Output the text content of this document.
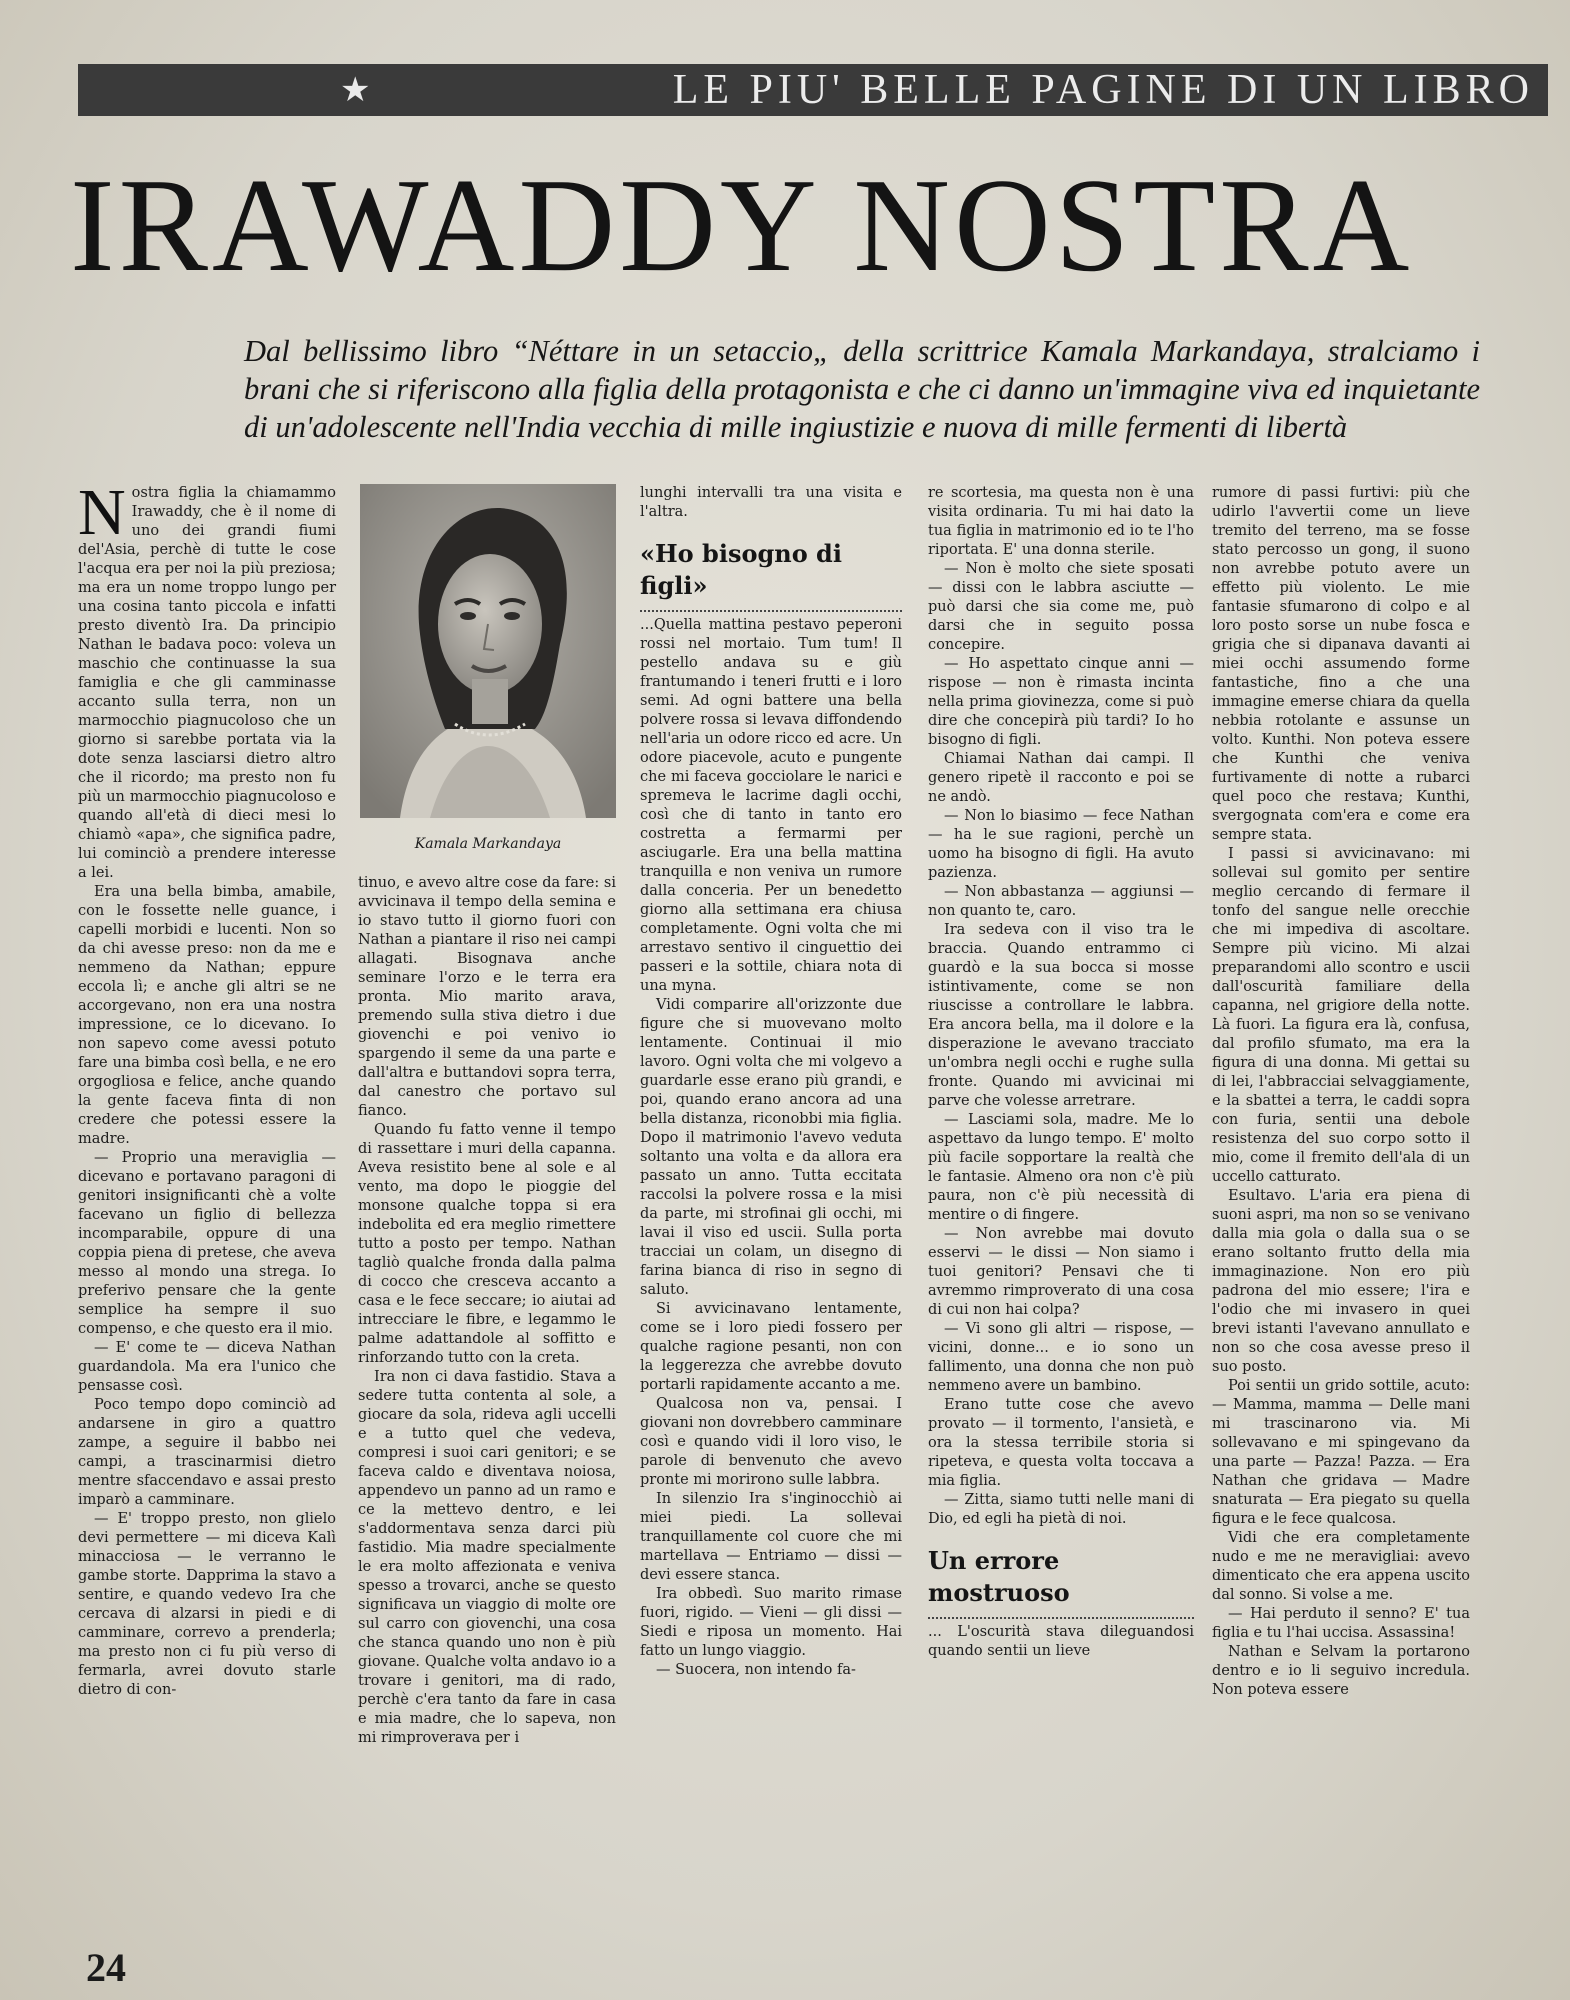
★	LE PIU' BELLE PAGINE DI UN LIBRO
IRAWADDY NOSTRA
Dal bellissimo libro “Néttare in un setaccio„ della scrittrice Kamala Markandaya, stralciamo i brani che si riferiscono alla figlia della protagonista e che ci danno un'immagine viva ed inquietante di un'adolescente nell'India vecchia di mille ingiustizie e nuova di mille fermenti di libertà

Nostra figlia la chiamammo Irawaddy, che è il nome di uno dei grandi fiumi del'Asia, perchè di tutte le cose l'acqua era per noi la più preziosa; ma era un nome troppo lungo per una cosina tanto piccola e infatti presto diventò Ira. Da principio Nathan le badava poco: voleva un maschio che continuasse la sua famiglia e che gli camminasse accanto sulla terra, non un marmocchio piagnucoloso che un giorno si sarebbe portata via la dote senza lasciarsi dietro altro che il ricordo; ma presto non fu più un marmocchio piagnucoloso e quando all'età di dieci mesi lo chiamò «apa», che significa padre, lui cominciò a prendere interesse a lei.

Era una bella bimba, amabile, con le fossette nelle guance, i capelli morbidi e lucenti. Non so da chi avesse preso: non da me e nemmeno da Nathan; eppure eccola lì; e anche gli altri se ne accorgevano, non era una nostra impressione, ce lo dicevano. Io non sapevo come avessi potuto fare una bimba così bella, e ne ero orgogliosa e felice, anche quando la gente faceva finta di non credere che potessi essere la madre.

— Proprio una meraviglia — dicevano e portavano paragoni di genitori insignificanti chè a volte facevano un figlio di bellezza incomparabile, oppure di una coppia piena di pretese, che aveva messo al mondo una strega. Io preferivo pensare che la gente semplice ha sempre il suo compenso, e che questo era il mio.

— E' come te — diceva Nathan guardandola. Ma era l'unico che pensasse così.

Poco tempo dopo cominciò ad andarsene in giro a quattro zampe, a seguire il babbo nei campi, a trascinarmisi dietro mentre sfaccendavo e assai presto imparò a camminare.

— E' troppo presto, non glielo devi permettere — mi diceva Kalì minacciosa — le verranno le gambe storte. Dapprima la stavo a sentire, e quando vedevo Ira che cercava di alzarsi in piedi e di camminare, correvo a prenderla; ma presto non ci fu più verso di fermarla, avrei dovuto starle dietro di con-

Kamala Markandaya

tinuo, e avevo altre cose da fare: si avvicinava il tempo della semina e io stavo tutto il giorno fuori con Nathan a piantare il riso nei campi allagati. Bisognava anche seminare l'orzo e le terra era pronta. Mio marito arava, premendo sulla stiva dietro i due giovenchi e poi venivo io spargendo il seme da una parte e dall'altra e buttandovi sopra terra, dal canestro che portavo sul fianco.

Quando fu fatto venne il tempo di rassettare i muri della capanna. Aveva resistito bene al sole e al vento, ma dopo le pioggie del monsone qualche toppa si era indebolita ed era meglio rimettere tutto a posto per tempo. Nathan tagliò qualche fronda dalla palma di cocco che cresceva accanto a casa e le fece seccare; io aiutai ad intrecciare le fibre, e legammo le palme adattandole al soffitto e rinforzando tutto con la creta.

Ira non ci dava fastidio. Stava a sedere tutta contenta al sole, a giocare da sola, rideva agli uccelli e a tutto quel che vedeva, compresi i suoi cari genitori; e se faceva caldo e diventava noiosa, appendevo un panno ad un ramo e ce la mettevo dentro, e lei s'addormentava senza darci più fastidio. Mia madre specialmente le era molto affezionata e veniva spesso a trovarci, anche se questo significava un viaggio di molte ore sul carro con giovenchi, una cosa che stanca quando uno non è più giovane. Qualche volta andavo io a trovare i genitori, ma di rado, perchè c'era tanto da fare in casa e mia madre, che lo sapeva, non mi rimproverava per i

lunghi intervalli tra una visita e l'altra.

«Ho bisogno di figli»

...Quella mattina pestavo peperoni rossi nel mortaio. Tum tum! Il pestello andava su e giù frantumando i teneri frutti e i loro semi. Ad ogni battere una bella polvere rossa si levava diffondendo nell'aria un odore ricco ed acre. Un odore piacevole, acuto e pungente che mi faceva gocciolare le narici e spremeva le lacrime dagli occhi, così che di tanto in tanto ero costretta a fermarmi per asciugarle. Era una bella mattina tranquilla e non veniva un rumore dalla conceria. Per un benedetto giorno alla settimana era chiusa completamente. Ogni volta che mi arrestavo sentivo il cinguettio dei passeri e la sottile, chiara nota di una myna.

Vidi comparire all'orizzonte due figure che si muovevano molto lentamente. Continuai il mio lavoro. Ogni volta che mi volgevo a guardarle esse erano più grandi, e poi, quando erano ancora ad una bella distanza, riconobbi mia figlia. Dopo il matrimonio l'avevo veduta soltanto una volta e da allora era passato un anno. Tutta eccitata raccolsi la polvere rossa e la misi da parte, mi strofinai gli occhi, mi lavai il viso ed uscii. Sulla porta tracciai un colam, un disegno di farina bianca di riso in segno di saluto.

Si avvicinavano lentamente, come se i loro piedi fossero per qualche ragione pesanti, non con la leggerezza che avrebbe dovuto portarli rapidamente accanto a me.

Qualcosa non va, pensai. I giovani non dovrebbero camminare così e quando vidi il loro viso, le parole di benvenuto che avevo pronte mi morirono sulle labbra.

In silenzio Ira s'inginocchiò ai miei piedi. La sollevai tranquillamente col cuore che mi martellava — Entriamo — dissi — devi essere stanca.

Ira obbedì. Suo marito rimase fuori, rigido. — Vieni — gli dissi — Siedi e riposa un momento. Hai fatto un lungo viaggio.

— Suocera, non intendo fa-

re scortesia, ma questa non è una visita ordinaria. Tu mi hai dato la tua figlia in matrimonio ed io te l'ho riportata. E' una donna sterile.

— Non è molto che siete sposati — dissi con le labbra asciutte — può darsi che sia come me, può darsi che in seguito possa concepire.

— Ho aspettato cinque anni — rispose — non è rimasta incinta nella prima giovinezza, come si può dire che concepirà più tardi? Io ho bisogno di figli.

Chiamai Nathan dai campi. Il genero ripetè il racconto e poi se ne andò.

— Non lo biasimo — fece Nathan — ha le sue ragioni, perchè un uomo ha bisogno di figli. Ha avuto pazienza.

— Non abbastanza — aggiunsi — non quanto te, caro.

Ira sedeva con il viso tra le braccia. Quando entrammo ci guardò e la sua bocca si mosse istintivamente, come se non riuscisse a controllare le labbra. Era ancora bella, ma il dolore e la disperazione le avevano tracciato un'ombra negli occhi e rughe sulla fronte. Quando mi avvicinai mi parve che volesse arretrare.

— Lasciami sola, madre. Me lo aspettavo da lungo tempo. E' molto più facile sopportare la realtà che le fantasie. Almeno ora non c'è più paura, non c'è più necessità di mentire o di fingere.

— Non avrebbe mai dovuto esservi — le dissi — Non siamo i tuoi genitori? Pensavi che ti avremmo rimproverato di una cosa di cui non hai colpa?

— Vi sono gli altri — rispose, — vicini, donne... e io sono un fallimento, una donna che non può nemmeno avere un bambino.

Erano tutte cose che avevo provato — il tormento, l'ansietà, e ora la stessa terribile storia si ripeteva, e questa volta toccava a mia figlia.

— Zitta, siamo tutti nelle mani di Dio, ed egli ha pietà di noi.

Un errore mostruoso

... L'oscurità stava dileguandosi quando sentii un lieve

rumore di passi furtivi: più che udirlo l'avvertii come un lieve tremito del terreno, ma se fosse stato percosso un gong, il suono non avrebbe potuto avere un effetto più violento. Le mie fantasie sfumarono di colpo e al loro posto sorse un nube fosca e grigia che si dipanava davanti ai miei occhi assumendo forme fantastiche, fino a che una immagine emerse chiara da quella nebbia rotolante e assunse un volto. Kunthi. Non poteva essere che Kunthi che veniva furtivamente di notte a rubarci quel poco che restava; Kunthi, svergognata com'era e come era sempre stata.

I passi si avvicinavano: mi sollevai sul gomito per sentire meglio cercando di fermare il tonfo del sangue nelle orecchie che mi impediva di ascoltare. Sempre più vicino. Mi alzai preparandomi allo scontro e uscii dall'oscurità familiare della capanna, nel grigiore della notte. Là fuori. La figura era là, confusa, dal profilo sfumato, ma era la figura di una donna. Mi gettai su di lei, l'abbracciai selvaggiamente, e la sbattei a terra, le caddi sopra con furia, sentii una debole resistenza del suo corpo sotto il mio, come il fremito dell'ala di un uccello catturato.

Esultavo. L'aria era piena di suoni aspri, ma non so se venivano dalla mia gola o dalla sua o se erano soltanto frutto della mia immaginazione. Non ero più padrona del mio essere; l'ira e l'odio che mi invasero in quei brevi istanti l'avevano annullato e non so che cosa avesse preso il suo posto.

Poi sentii un grido sottile, acuto: — Mamma, mamma — Delle mani mi trascinarono via. Mi sollevavano e mi spingevano da una parte — Pazza! Pazza. — Era Nathan che gridava — Madre snaturata — Era piegato su quella figura e le fece qualcosa.

Vidi che era completamente nudo e me ne meravigliai: avevo dimenticato che era appena uscito dal sonno. Si volse a me.

— Hai perduto il senno? E' tua figlia e tu l'hai uccisa. Assassina!

Nathan e Selvam la portarono dentro e io li seguivo incredula. Non poteva essere

24
